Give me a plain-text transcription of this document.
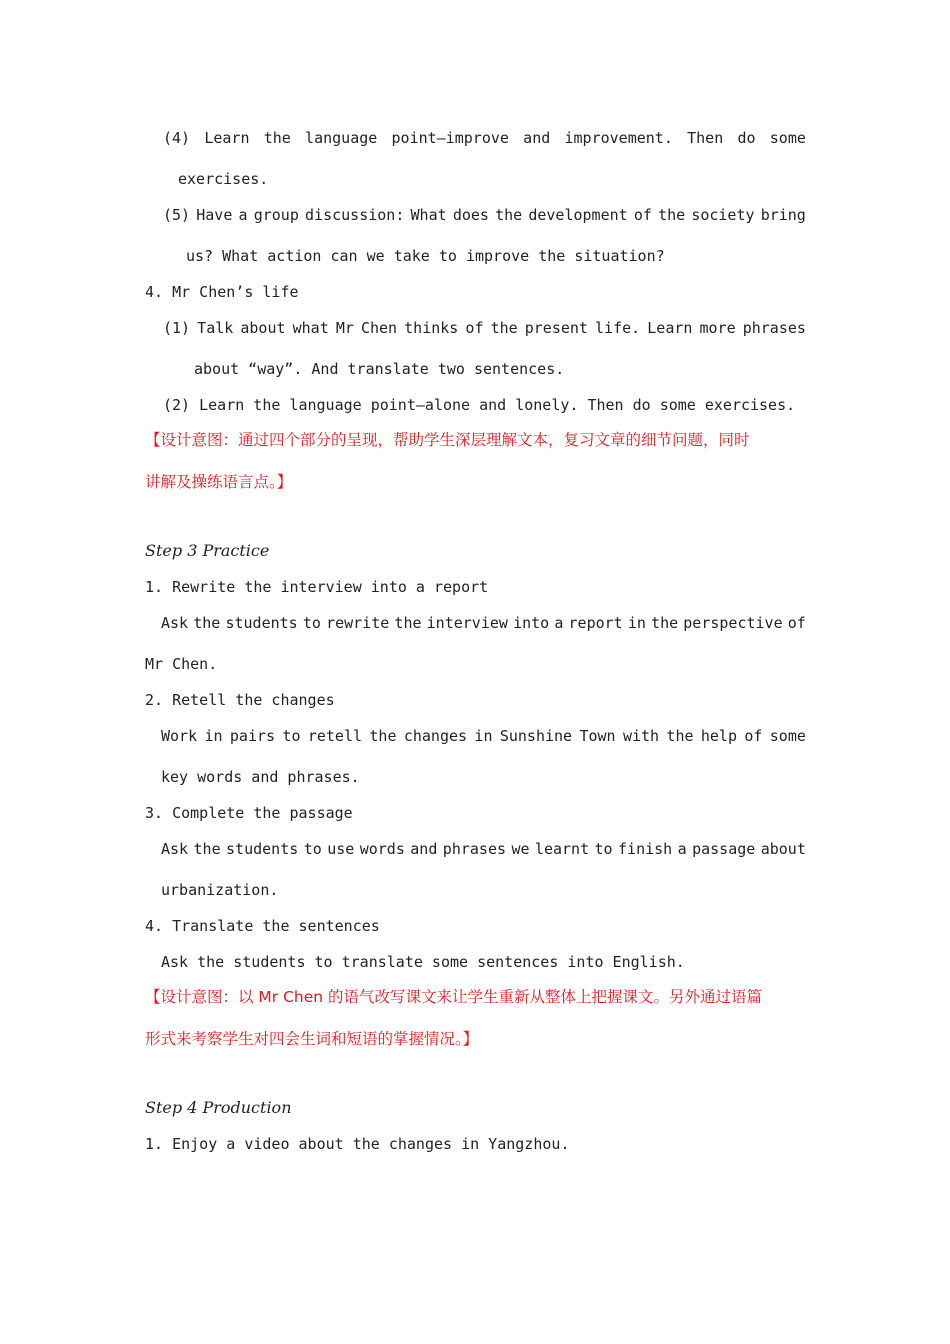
(4) Learn the language point—improve and improvement. Then do some
exercises.
(5) Have a group discussion: What does the development of the society bring
us? What action can we take to improve the situation?
4. Mr Chen’s life
(1) Talk about what Mr Chen thinks of the present life. Learn more phrases
about “way”. And translate two sentences.
(2) Learn the language point—alone and lonely. Then do some exercises.
【设计意图：通过四个部分的呈现，帮助学生深层理解文本，复习文章的细节问题，同时
讲解及操练语言点。】
Step 3 Practice
1. Rewrite the interview into a report
Ask the students to rewrite the interview into a report in the perspective of
Mr Chen.
2. Retell the changes
Work in pairs to retell the changes in Sunshine Town with the help of some
key words and phrases.
3. Complete the passage
Ask the students to use words and phrases we learnt to finish a passage about
urbanization.
4. Translate the sentences
Ask the students to translate some sentences into English.
【设计意图：以 Mr Chen 的语气改写课文来让学生重新从整体上把握课文。另外通过语篇
形式来考察学生对四会生词和短语的掌握情况。】
Step 4 Production
1. Enjoy a video about the changes in Yangzhou.
